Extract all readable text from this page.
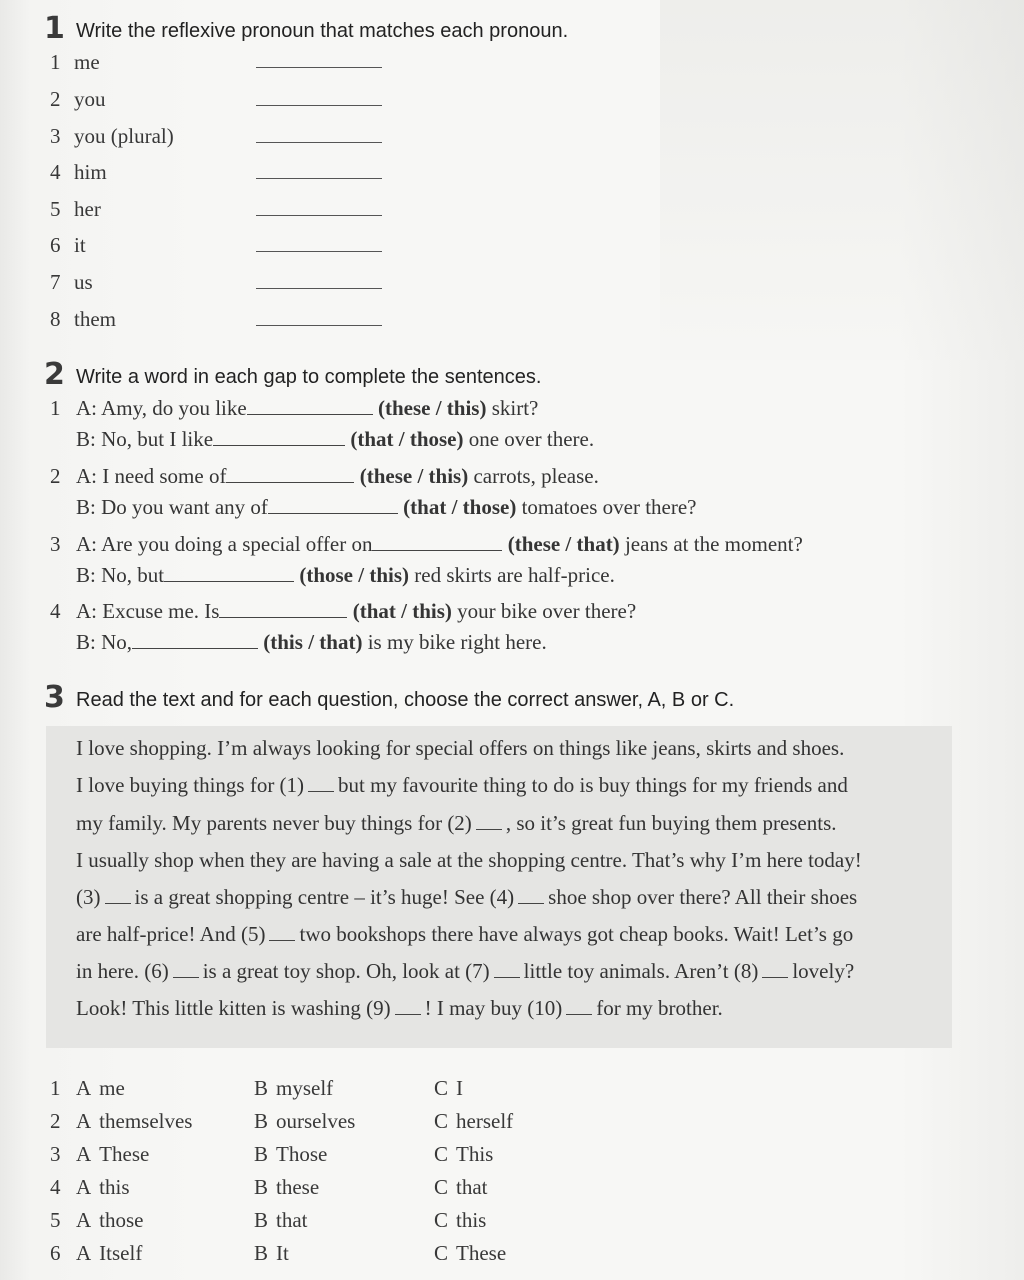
1 Write the reflexive pronoun that matches each pronoun.
1 me
2 you
3 you (plural)
4 him
5 her
6 it
7 us
8 them
2 Write a word in each gap to complete the sentences.
1 A: Amy, do you like	(these / this) skirt?
B: No, but I like	(that / those) one over there.
2 A: I need some of	(these / this) carrots, please.
B: Do you want any of	(that / those) tomatoes over there?
3 A: Are you doing a special offer on	(these / that) jeans at the moment?
B: No, but	(those / this) red skirts are half-price.
4 A: Excuse me. Is	(that / this) your bike over there?
B: No,	(this / that) is my bike right here.
3 Read the text and for each question, choose the correct answer, A, B or C.
I love shopping. I’m always looking for special offers on things like jeans, skirts and shoes.
I love buying things for (1) but my favourite thing to do is buy things for my friends and
my family. My parents never buy things for (2) , so it’s great fun buying them presents.
I usually shop when they are having a sale at the shopping centre. That’s why I’m here today!
(3) is a great shopping centre – it’s huge! See (4) shoe shop over there? All their shoes
are half-price! And (5) two bookshops there have always got cheap books. Wait! Let’s go
in here. (6) is a great toy shop. Oh, look at (7) little toy animals. Aren’t (8) lovely?
Look! This little kitten is washing (9) ! I may buy (10) for my brother.
1 A me	B myself	C I
2 A themselves	B ourselves	C herself
3 A These	B Those	C This
4 A this	B these	C that
5 A those	B that	C this
6 A Itself	B It	C These
